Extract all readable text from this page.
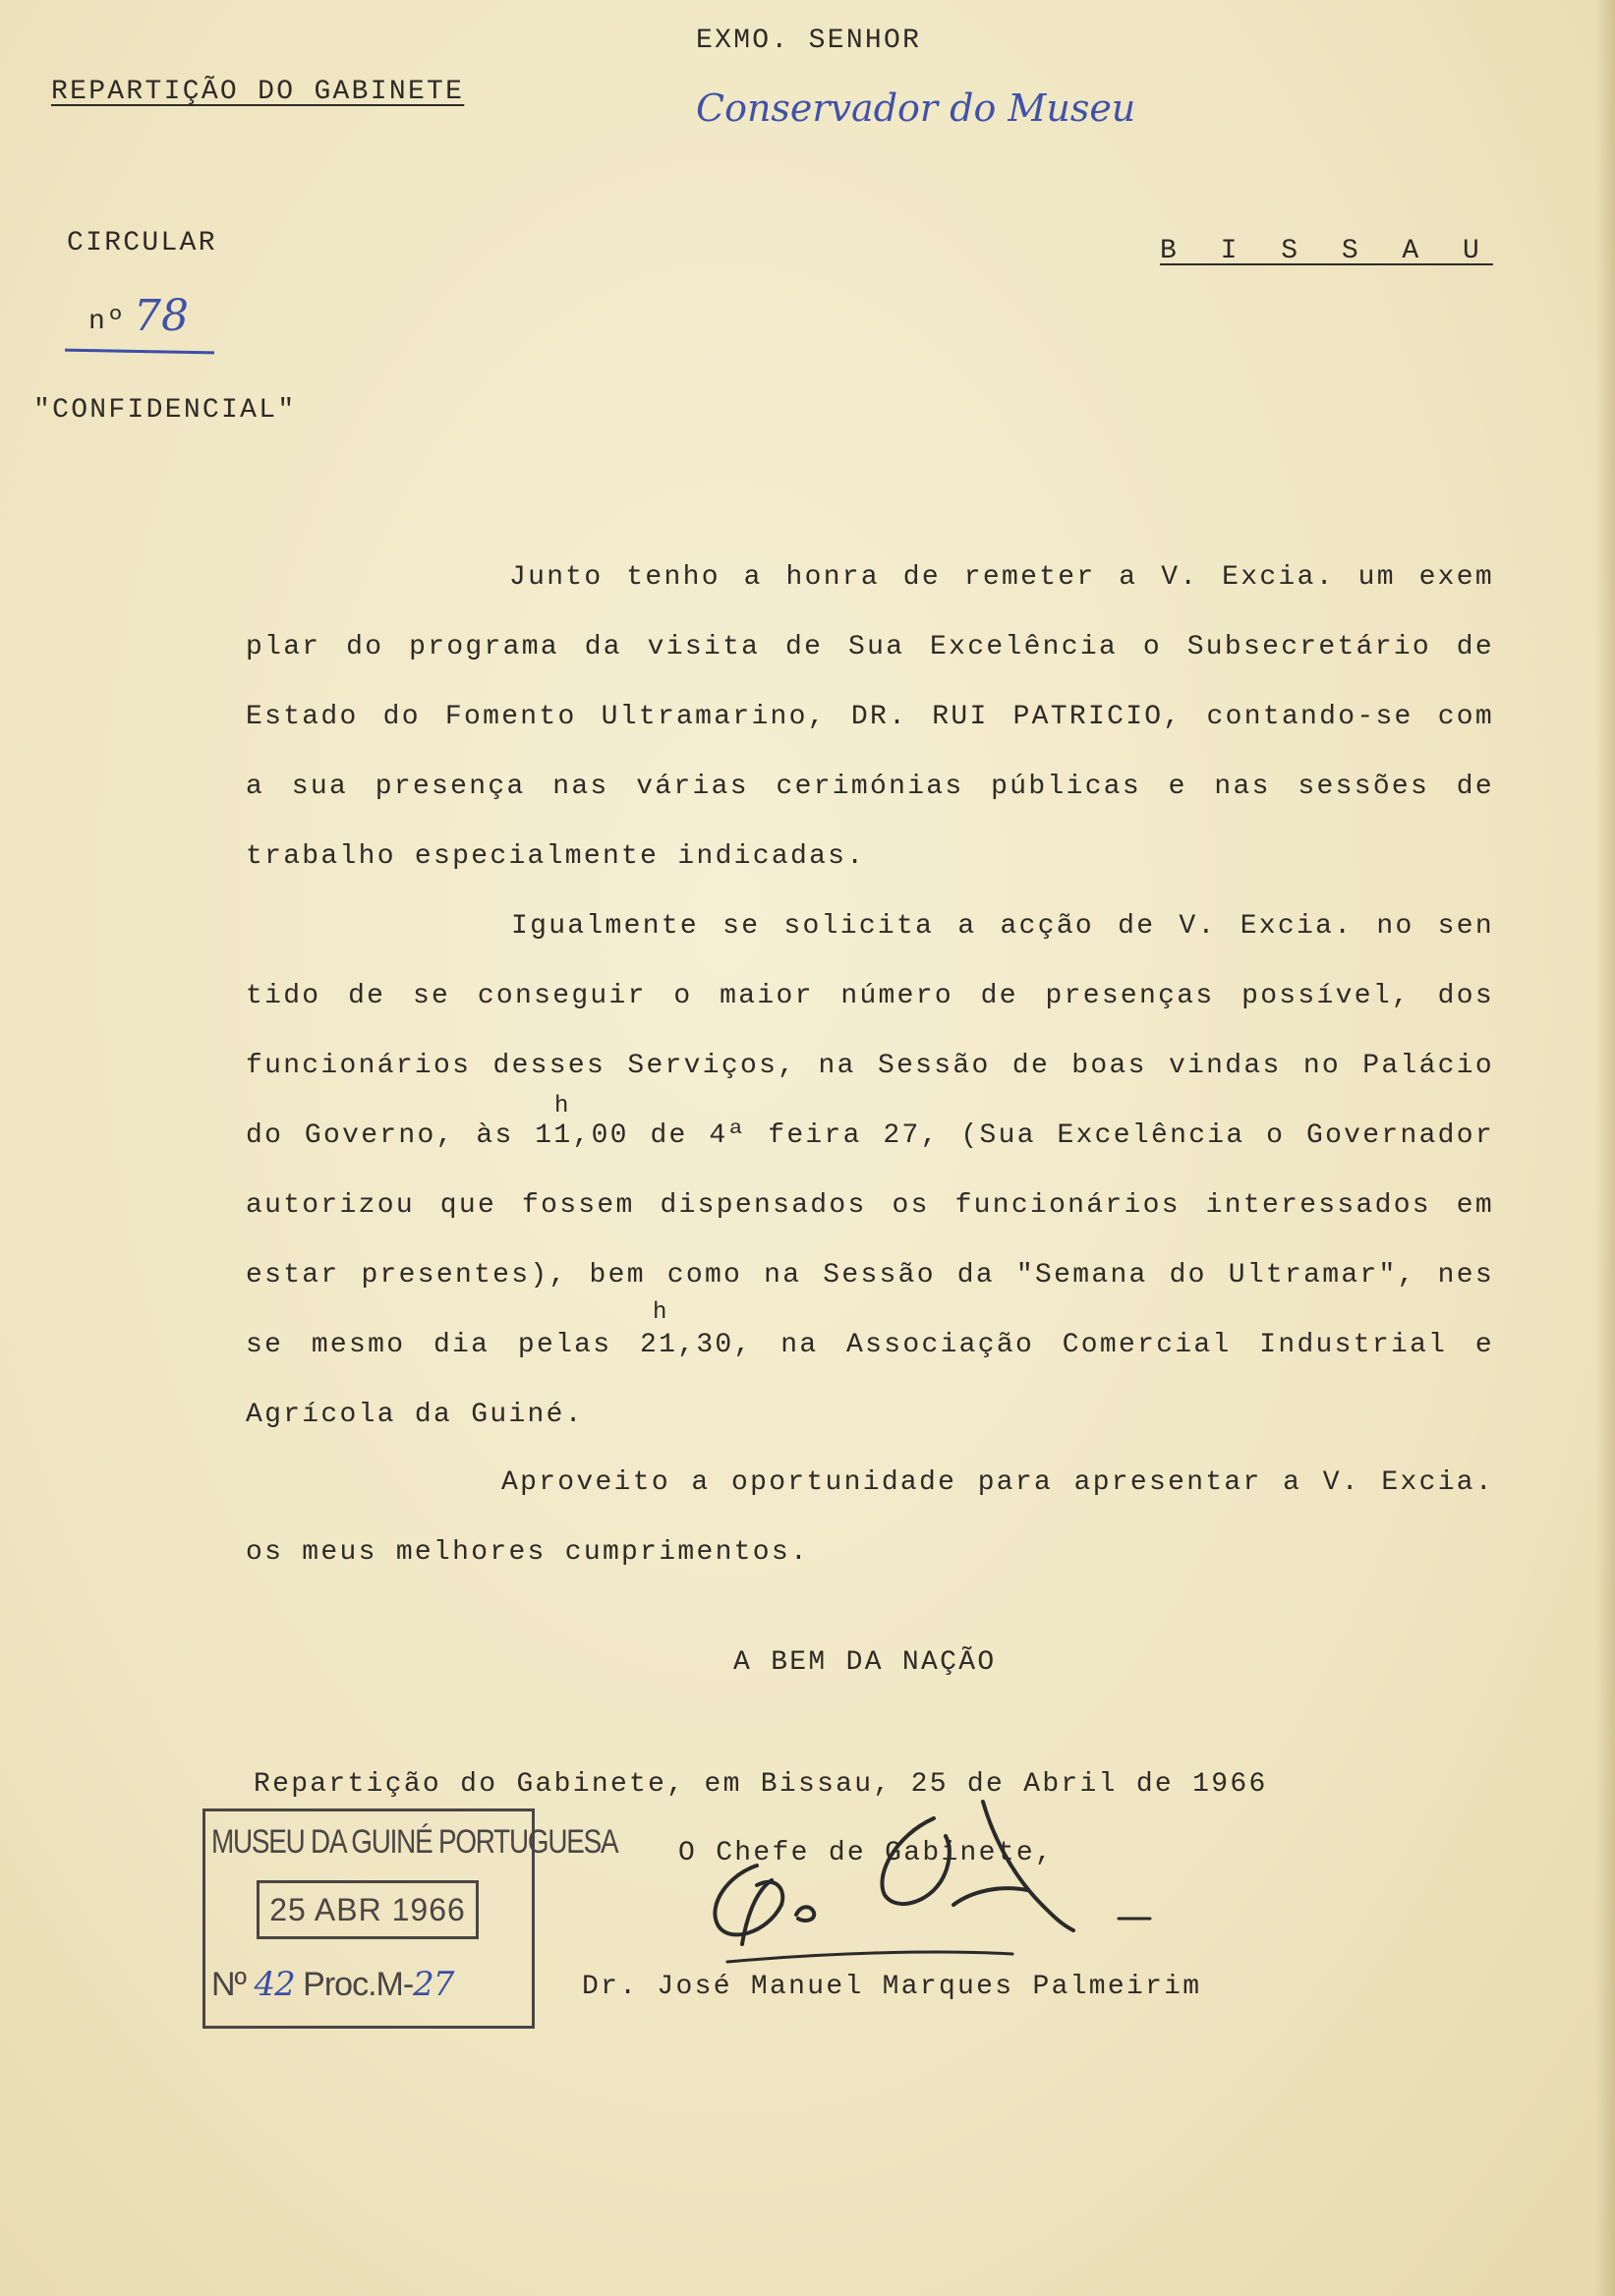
EXMO. SENHOR
REPARTIÇÃO DO GABINETE	Conservador do Museu
CIRCULAR	B I S S A U
nº 78
"CONFIDENCIAL"
Junto tenho a honra de remeter a V. Excia. um exem
plar do programa da visita de Sua Excelência o Subsecretário de
Estado do Fomento Ultramarino, DR. RUI PATRICIO, contando-se com
a sua presença nas várias cerimónias públicas e nas sessões de
trabalho especialmente indicadas.
Igualmente se solicita a acção de V. Excia. no sen
tido de se conseguir o maior número de presenças possível, dos
funcionários desses Serviços, na Sessão de boas vindas no Palácio
do Governo, às 11,00 de 4ª feira 27, (Sua Excelência o Governador
autorizou que fossem dispensados os funcionários interessados em
estar presentes), bem como na Sessão da "Semana do Ultramar", nes
se mesmo dia pelas 21,30, na Associação Comercial Industrial e
Agrícola da Guiné.
h
h
Aproveito a oportunidade para apresentar a V. Excia.
os meus melhores cumprimentos.
A BEM DA NAÇÃO
Repartição do Gabinete, em Bissau, 25 de Abril de 1966
O Chefe de Gabinete,
Dr. José Manuel Marques Palmeirim
MUSEU DA GUINÉ PORTUGUESA
25 ABR 1966
Nº 42 Proc.M-27
